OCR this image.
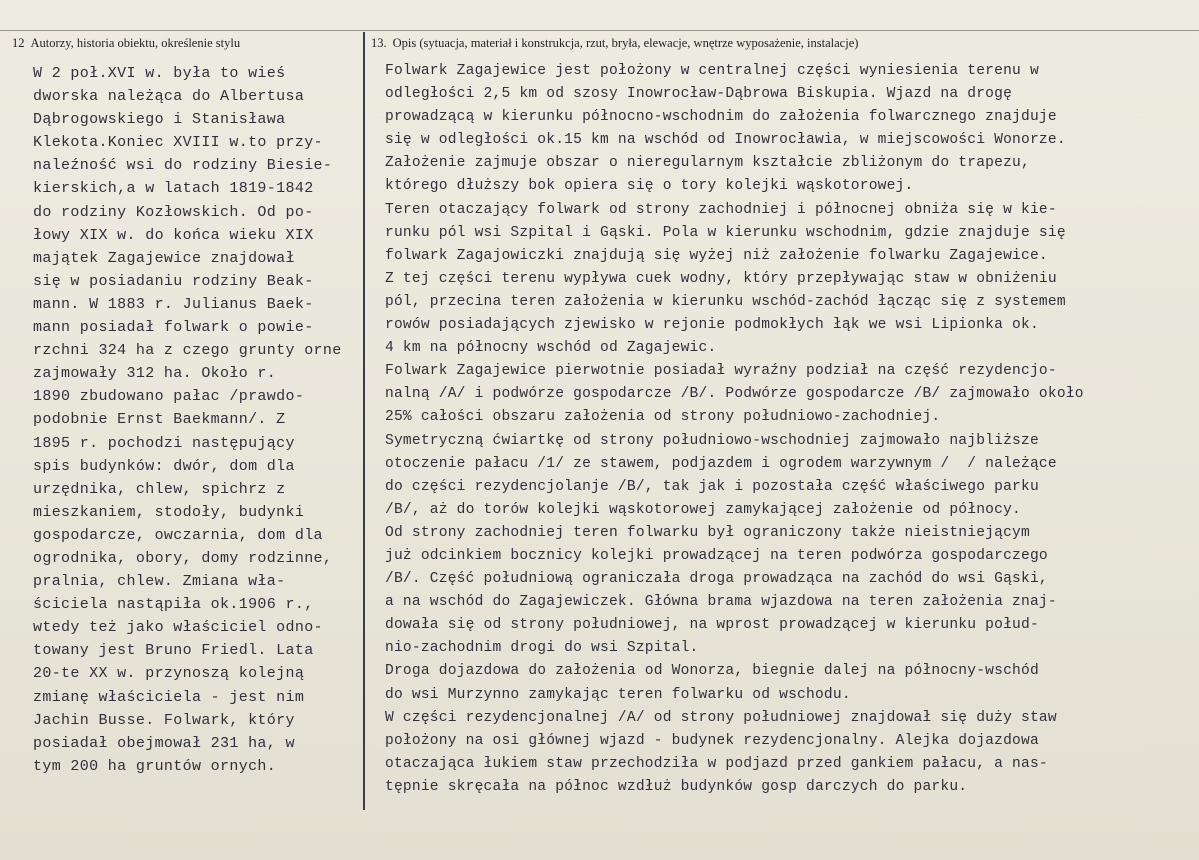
12 Autorzy, historia obiektu, określenie stylu	13. Opis (sytuacja, materiał i konstrukcja, rzut, bryła, elewacje, wnętrze wyposażenie, instalacje)
W 2 poł.XVI w. była to wieś
dworska należąca do Albertusa
Dąbrogowskiego i Stanisława
Klekota.Koniec XVIII w.to przy-
naleźność wsi do rodziny Biesie-
kierskich,a w latach 1819-1842
do rodziny Kozłowskich. Od po-
łowy XIX w. do końca wieku XIX
majątek Zagajewice znajdował
się w posiadaniu rodziny Beak-
mann. W 1883 r. Julianus Baek-
mann posiadał folwark o powie-
rzchni 324 ha z czego grunty orne
zajmowały 312 ha. Około r.
1890 zbudowano pałac /prawdo-
podobnie Ernst Baekmann/. Z
1895 r. pochodzi następujący
spis budynków: dwór, dom dla
urzędnika, chlew, spichrz z
mieszkaniem, stodoły, budynki
gospodarcze, owczarnia, dom dla
ogrodnika, obory, domy rodzinne,
pralnia, chlew. Zmiana wła-
ściciela nastąpiła ok.1906 r.,
wtedy też jako właściciel odno-
towany jest Bruno Friedl. Lata
20-te XX w. przynoszą kolejną
zmianę właściciela - jest nim
Jachin Busse. Folwark, który
posiadał obejmował 231 ha, w
tym 200 ha gruntów ornych.
Folwark Zagajewice jest położony w centralnej części wyniesienia terenu w
odległości 2,5 km od szosy Inowrocław-Dąbrowa Biskupia. Wjazd na drogę
prowadzącą w kierunku północno-wschodnim do założenia folwarcznego znajduje
się w odległości ok.15 km na wschód od Inowrocławia, w miejscowości Wonorze.
Założenie zajmuje obszar o nieregularnym kształcie zbliżonym do trapezu,
którego dłuższy bok opiera się o tory kolejki wąskotorowej.
Teren otaczający folwark od strony zachodniej i północnej obniża się w kie-
runku pól wsi Szpital i Gąski. Pola w kierunku wschodnim, gdzie znajduje się
folwark Zagajowiczki znajdują się wyżej niż założenie folwarku Zagajewice.
Z tej części terenu wypływa cuek wodny, który przepływając staw w obniżeniu
pól, przecina teren założenia w kierunku wschód-zachód łącząc się z systemem
rowów posiadających zjewisko w rejonie podmokłych łąk we wsi Lipionka ok.
4 km na północny wschód od Zagajewic.
Folwark Zagajewice pierwotnie posiadał wyraźny podział na część rezydencjo-
nalną /A/ i podwórze gospodarcze /B/. Podwórze gospodarcze /B/ zajmowało około
25% całości obszaru założenia od strony południowo-zachodniej.
Symetryczną ćwiartkę od strony południowo-wschodniej zajmowało najbliższe
otoczenie pałacu /1/ ze stawem, podjazdem i ogrodem warzywnym /  / należące
do części rezydencjolanje /B/, tak jak i pozostała część właściwego parku
/B/, aż do torów kolejki wąskotorowej zamykającej założenie od północy.
Od strony zachodniej teren folwarku był ograniczony także nieistniejącym
już odcinkiem bocznicy kolejki prowadzącej na teren podwórza gospodarczego
/B/. Część południową ograniczała droga prowadząca na zachód do wsi Gąski,
a na wschód do Zagajewiczek. Główna brama wjazdowa na teren założenia znaj-
dowała się od strony południowej, na wprost prowadzącej w kierunku połud-
nio-zachodnim drogi do wsi Szpital.
Droga dojazdowa do założenia od Wonorza, biegnie dalej na północny-wschód
do wsi Murzynno zamykając teren folwarku od wschodu.
W części rezydencjonalnej /A/ od strony południowej znajdował się duży staw
położony na osi głównej wjazd - budynek rezydencjonalny. Alejka dojazdowa
otaczająca łukiem staw przechodziła w podjazd przed gankiem pałacu, a nas-
tępnie skręcała na północ wzdłuż budynków gosp darczych do parku.
